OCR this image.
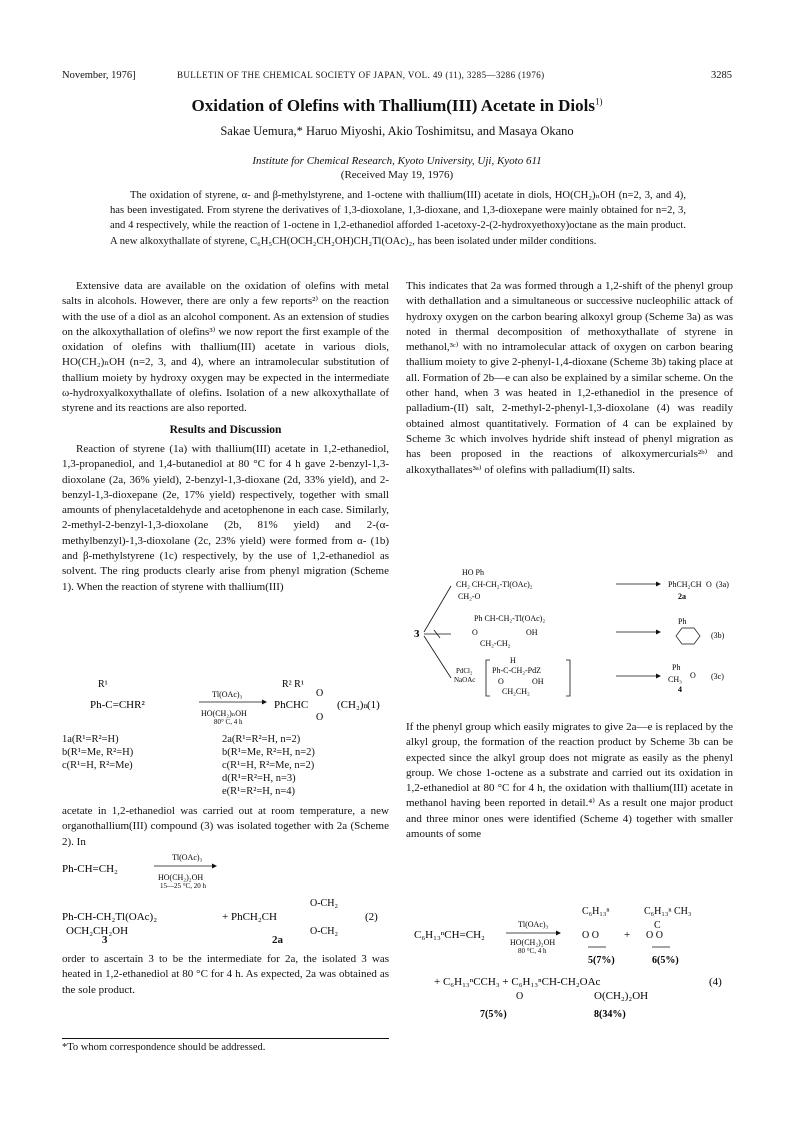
November, 1976]	BULLETIN OF THE CHEMICAL SOCIETY OF JAPAN, VOL. 49 (11), 3285—3286 (1976)	3285
Oxidation of Olefins with Thallium(III) Acetate in Diols$^{1)}$
Sakae Uemura,* Haruo Miyoshi, Akio Toshimitsu, and Masaya Okano
Institute for Chemical Research, Kyoto University, Uji, Kyoto 611
(Received May 19, 1976)
The oxidation of styrene, α- and β-methylstyrene, and 1-octene with thallium(III) acetate in diols, HO(CH₂)ₙOH (n=2, 3, and 4), has been investigated. From styrene the derivatives of 1,3-dioxolane, 1,3-dioxane, and 1,3-dioxepane were mainly obtained for n=2, 3, and 4 respectively, while the reaction of 1-octene in 1,2-ethanediol afforded 1-acetoxy-2-(2-hydroxyethoxy)octane as the main product. A new alkoxythallate of styrene, C₆H₅CH(OCH₂CH₂OH)CH₂Tl(OAc)₂, has been isolated under milder conditions.

Extensive data are available on the oxidation of olefins with metal salts in alcohols. However, there are only a few reports²⁾ on the reaction with the use of a diol as an alcohol component. As an extension of studies on the alkoxythallation of olefins³⁾ we now report the first example of the oxidation of olefins with thallium(III) acetate in various diols, HO(CH₂)ₙOH (n=2, 3, and 4), where an intramolecular substitution of thallium moiety by hydroxy oxygen may be expected in the intermediate ω-hydroxyalkoxythallate of olefins. Isolation of a new alkoxythallate of styrene and its reactions are also reported.

Results and Discussion

Reaction of styrene (1a) with thallium(III) acetate in 1,2-ethanediol, 1,3-propanediol, and 1,4-butanediol at 80 °C for 4 h gave 2-benzyl-1,3-dioxolane (2a, 36% yield), 2-benzyl-1,3-dioxane (2d, 33% yield), and 2-benzyl-1,3-dioxepane (2e, 17% yield) respectively, together with small amounts of phenylacetaldehyde and acetophenone in each case. Similarly, 2-methyl-2-benzyl-1,3-dioxolane (2b, 81% yield) and 2-(α-methylbenzyl)-1,3-dioxolane (2c, 23% yield) were formed from α- (1b) and β-methylstyrene (1c) respectively, by the use of 1,2-ethanediol as solvent. The ring products clearly arise from phenyl migration (Scheme 1). When the reaction of styrene with thallium(III)

R¹
Ph-C=CHR²
Tl(OAc)₃
HO(CH₂)ₙOH
80° C, 4 h
R² R¹
PhCHC
O
O
(CH₂)ₙ
(1)
1a(R¹=R²=H)
b(R¹=Me, R²=H)
c(R¹=H, R²=Me)
2a(R¹=R²=H, n=2)
b(R¹=Me, R²=H, n=2)
c(R¹=H, R²=Me, n=2)
d(R¹=R²=H, n=3)
e(R¹=R²=H, n=4)
acetate in 1,2-ethanediol was carried out at room temperature, a new organothallium(III) compound (3) was isolated together with 2a (Scheme 2). In
Ph-CH=CH₂
Tl(OAc)₃
HO(CH₂)₂OH
15—25 °C, 20 h
O-CH₂
Ph-CH-CH₂Tl(OAc)₂
OCH₂CH₂OH
+ PhCH₂CH
O-CH₂
(2)
3	2a
order to ascertain 3 to be the intermediate for 2a, the isolated 3 was heated in 1,2-ethanediol at 80 °C for 4 h. As expected, 2a was obtained as the sole product.
*To whom correspondence should be addressed.

This indicates that 2a was formed through a 1,2-shift of the phenyl group with dethallation and a simultaneous or successive nucleophilic attack of hydroxy oxygen on the carbon bearing alkoxyl group (Scheme 3a) as was noted in thermal decomposition of methoxythallate of styrene in methanol,³ᶜ⁾ with no intramolecular attack of oxygen on carbon bearing thallium moiety to give 2-phenyl-1,4-dioxane (Scheme 3b) taking place at all. Formation of 2b—e can also be explained by a similar scheme. On the other hand, when 3 was heated in 1,2-ethanediol in the presence of palladium-(II) salt, 2-methyl-2-phenyl-1,3-dioxolane (4) was readily obtained almost quantitatively. Formation of 4 can be explained by Scheme 3c which involves hydride shift instead of phenyl migration as has been proposed in the reactions of alkoxymercurials²ᵇ⁾ and alkoxythallates³ᵃ⁾ of olefins with palladium(II) salts.

3
HO Ph
CH₂ CH-CH₂-Tl(OAc)₂
CH₂-O
PhCH₂CH O
2a
(3a)
Ph CH-CH₂-Tl(OAc)₂
O	OH
CH₂-CH₂
Ph
(3b)
PdCl₂
NaOAc
H
Ph-C-CH₂-PdZ
O	OH
CH₂CH₂
Ph
CH₃ O
4
(3c)
If the phenyl group which easily migrates to give 2a—e is replaced by the alkyl group, the formation of the reaction product by Scheme 3b can be expected since the alkyl group does not migrate as easily as the phenyl group. We chose 1-octene as a substrate and carried out its oxidation in 1,2-ethanediol at 80 °C for 4 h, the oxidation with thallium(III) acetate in methanol having been reported in detail.⁴⁾ As a result one major product and three minor ones were identified (Scheme 4) together with smaller amounts of some
C₆H₁₃ⁿ	C₆H₁₃ⁿ CH₃
C₆H₁₃ⁿCH=CH₂
Tl(OAc)₃
HO(CH₂)₂OH
80 °C, 4 h
O O
5(7%)
+
C
O O
6(5%)
+ C₆H₁₃ⁿCCH₃ + C₆H₁₃ⁿCH-CH₂OAc
O	O(CH₂)₂OH
(4)
7(5%)	8(34%)
